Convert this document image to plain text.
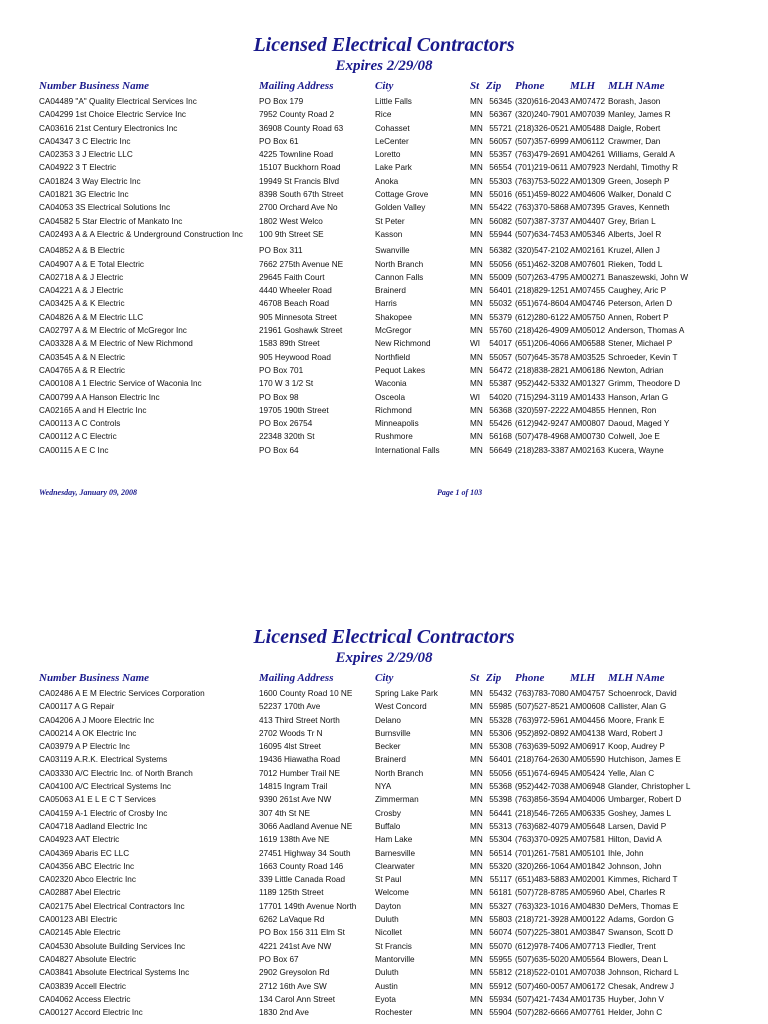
Licensed Electrical Contractors
Expires 2/29/08
Number Business Name	Mailing Address	City	St Zip Phone MLH MLH NAme
CA04489 "A" Quality Electrical Services Inc	PO Box 179	Little Falls	MN 56345 (320)616-2043 AM07472 Borash, Jason
CA04299 1st Choice Electric Service Inc	7952 County Road 2	Rice	MN 56367 (320)240-7901 AM07039 Manley, James R
CA03616 21st Century Electronics Inc	36908 County Road 63	Cohasset	MN 55721 (218)326-0521 AM05488 Daigle, Robert
CA04347 3 C Electric Inc	PO Box 61	LeCenter	MN 56057 (507)357-6999 AM06112 Crawmer, Dan
CA02353 3 J Electric LLC	4225 Townline Road	Loretto	MN 55357 (763)479-2691 AM04261 Williams, Gerald A
CA04922 3 T Electric	15107 Buckhorn Road	Lake Park	MN 56554 (701)219-0611 AM07923 Nerdahl, Timothy R
CA01824 3 Way Electric Inc	19949 St Francis Blvd	Anoka	MN 55303 (763)753-5022 AM01309 Green, Joseph P
CA01821 3G Electric Inc	8398 South 67th Street	Cottage Grove	MN 55016 (651)459-8022 AM04606 Walker, Donald C
CA04053 3S Electrical Solutions Inc	2700 Orchard Ave No	Golden Valley	MN 55422 (763)370-5868 AM07395 Graves, Kenneth
CA04582 5 Star Electric of Mankato Inc	1802 West Welco	St Peter	MN 56082 (507)387-3737 AM04407 Grey, Brian L
CA02493 A & A Electric & Underground Construction Inc	100 9th Street SE	Kasson	MN 55944 (507)634-7453 AM05346 Alberts, Joel R
CA04852 A & B Electric	PO Box 311	Swanville	MN 56382 (320)547-2102 AM02161 Kruzel, Allen J
CA04907 A & E Total Electric	7662 275th Avenue NE	North Branch	MN 55056 (651)462-3208 AM07601 Rieken, Todd L
CA02718 A & J Electric	29645 Faith Court	Cannon Falls	MN 55009 (507)263-4795 AM00271 Banaszewski, John W
CA04221 A & J Electric	4440 Wheeler Road	Brainerd	MN 56401 (218)829-1251 AM07455 Caughey, Aric P
CA03425 A & K Electric	46708 Beach Road	Harris	MN 55032 (651)674-8604 AM04746 Peterson, Arlen D
CA04826 A & M Electric LLC	905 Minnesota Street	Shakopee	MN 55379 (612)280-6122 AM05750 Annen, Robert P
CA02797 A & M Electric of McGregor Inc	21961 Goshawk Street	McGregor	MN 55760 (218)426-4909 AM05012 Anderson, Thomas A
CA03328 A & M Electric of New Richmond	1583 89th Street	New Richmond	WI	54017 (651)206-4066 AM06588 Stener, Michael P
CA03545 A & N Electric	905 Heywood Road	Northfield	MN 55057 (507)645-3578 AM03525 Schroeder, Kevin T
CA04765 A & R Electric	PO Box 701	Pequot Lakes	MN 56472 (218)838-2821 AM06186 Newton, Adrian
CA00108 A 1 Electric Service of Waconia Inc	170 W 3 1/2 St	Waconia	MN 55387 (952)442-5332 AM01327 Grimm, Theodore D
CA00799 A A Hanson Electric Inc	PO Box 98	Osceola	WI	54020 (715)294-3119 AM01433 Hanson, Arlan G
CA02165 A and H Electric Inc	19705 190th Street	Richmond	MN 56368 (320)597-2222 AM04855 Hennen, Ron
CA00113 A C Controls	PO Box 26754	Minneapolis	MN 55426 (612)942-9247 AM00807 Daoud, Maged Y
CA00112 A C Electric	22348 320th St	Rushmore	MN 56168 (507)478-4968 AM00730 Colwell, Joe E
CA00115 A E C Inc	PO Box 64	International Falls	MN 56649 (218)283-3387 AM02163 Kucera, Wayne
Wednesday, January 09, 2008	Page 1 of 103
Licensed Electrical Contractors
Expires 2/29/08
Number Business Name	Mailing Address	City	St Zip Phone MLH MLH NAme
CA02486 A E M Electric Services Corporation	1600 County Road 10 NE	Spring Lake Park	MN 55432 (763)783-7080 AM04757 Schoenrock, David
CA00117 A G Repair	52237 170th Ave	West Concord	MN 55985 (507)527-8521 AM00608 Callister, Alan G
CA04206 A J Moore Electric Inc	413 Third Street North	Delano	MN 55328 (763)972-5961 AM04456 Moore, Frank E
CA00214 A OK Electric Inc	2702 Woods Tr N	Burnsville	MN 55306 (952)892-0892 AM04138 Ward, Robert J
CA03979 A P Electric Inc	16095 4lst Street	Becker	MN 55308 (763)639-5092 AM06917 Koop, Audrey P
CA03119 A.R.K. Electrical Systems	19436 Hiawatha Road	Brainerd	MN 56401 (218)764-2630 AM05590 Hutchison, James E
CA03330 A/C Electric Inc. of North Branch	7012 Humber Trail NE	North Branch	MN 55056 (651)674-6945 AM05424 Yelle, Alan C
CA04100 A/C Electrical Systems Inc	14815 Ingram Trail	NYA	MN 55368 (952)442-7038 AM06948 Glander, Christopher L
CA05063 A1 E L E C T Services	9390 261st Ave NW	Zimmerman	MN 55398 (763)856-3594 AM04006 Umbarger, Robert D
CA04159 A-1 Electric of Crosby Inc	307 4th St NE	Crosby	MN 56441 (218)546-7265 AM06335 Goshey, James L
CA04718 Aadland Electric Inc	3066 Aadland Avenue NE	Buffalo	MN 55313 (763)682-4079 AM05648 Larsen, David P
CA04923 AAT Electric	1619 138th Ave NE	Ham Lake	MN 55304 (763)370-0925 AM07581 Hilton, David A
CA04369 Abaris EC LLC	27451 Highway 34 South	Barnesville	MN 56514 (701)261-7581 AM05101 Ihle, John
CA04356 ABC Electric Inc	1663 County Road 146	Clearwater	MN 55320 (320)266-1064 AM01842 Johnson, John
CA02320 Abco Electric Inc	339 Little Canada Road	St Paul	MN 55117 (651)483-5883 AM02001 Kimmes, Richard T
CA02887 Abel Electric	1189 125th Street	Welcome	MN 56181 (507)728-8785 AM05960 Abel, Charles R
CA02175 Abel Electrical Contractors Inc	17701 149th Avenue North	Dayton	MN 55327 (763)323-1016 AM04830 DeMers, Thomas E
CA00123 ABI Electric	6262 LaVaque Rd	Duluth	MN 55803 (218)721-3928 AM00122 Adams, Gordon G
CA02145 Able Electric	PO Box 156 311 Elm St	Nicollet	MN 56074 (507)225-3801 AM03847 Swanson, Scott D
CA04530 Absolute Building Services Inc	4221 241st Ave NW	St Francis	MN 55070 (612)978-7406 AM07713 Fiedler, Trent
CA04827 Absolute Electric	PO Box 67	Mantorville	MN 55955 (507)635-5020 AM05564 Blowers, Dean L
CA03841 Absolute Electrical Systems Inc	2902 Greysolon Rd	Duluth	MN 55812 (218)522-0101 AM07038 Johnson, Richard L
CA03839 Accell Electric	2712 16th Ave SW	Austin	MN 55912 (507)460-0057 AM06172 Chesak, Andrew J
CA04062 Access Electric	134 Carol Ann Street	Eyota	MN 55934 (507)421-7434 AM01735 Huyber, John V
CA00127 Accord Electric Inc	1830 2nd Ave	Rochester	MN 55904 (507)282-6666 AM07761 Helder, John C
